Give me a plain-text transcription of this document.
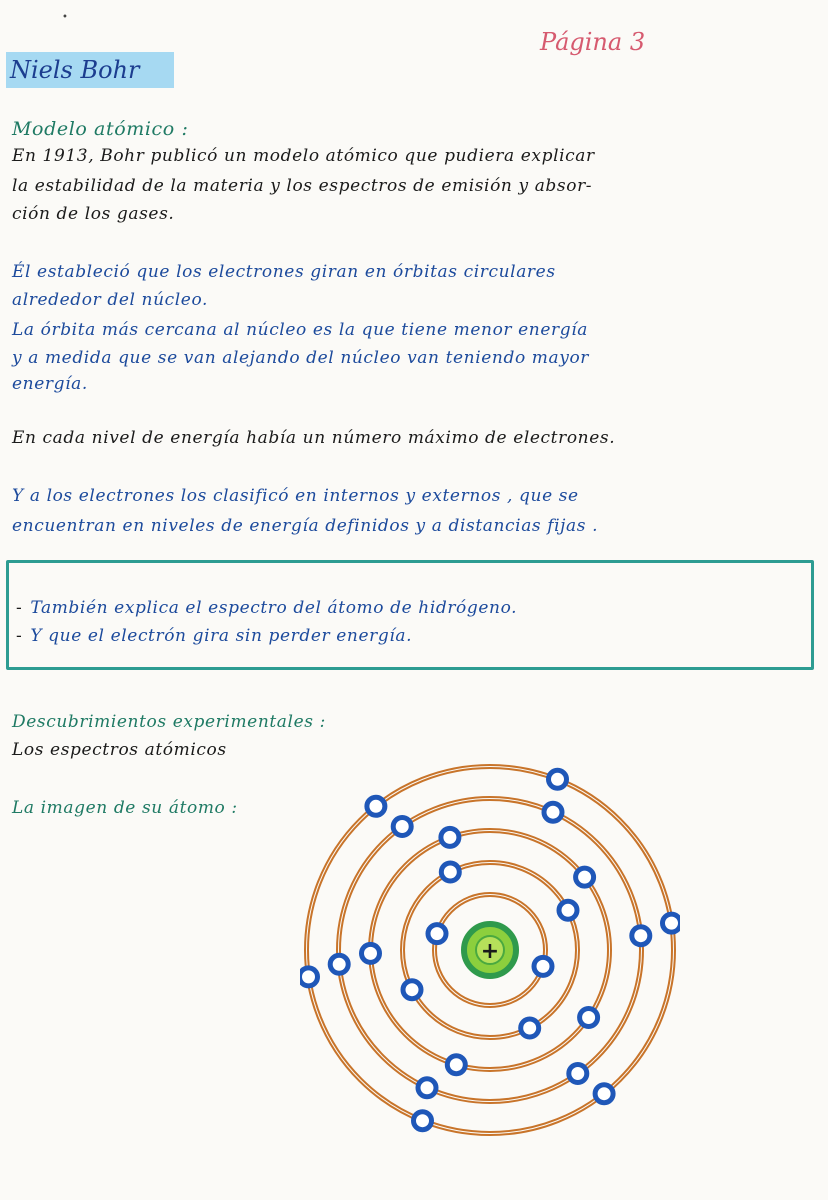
•
Página 3
Niels Bohr
Modelo atómico :
En 1913, Bohr publicó un modelo atómico que pudiera explicar
la estabilidad de la materia y los espectros de emisión y absor-
ción de los gases.
Él estableció que los electrones giran en órbitas circulares
alrededor del núcleo.
La órbita más cercana al núcleo es la que tiene menor energía
y a medida que se van alejando del núcleo van teniendo mayor
energía.
En cada nivel de energía había un número máximo de electrones.
Y a los electrones los clasificó en internos y externos , que se
encuentran en niveles de energía definidos y a distancias fijas .
- También explica el espectro del átomo de hidrógeno.
- Y que el electrón gira sin perder energía.
Descubrimientos experimentales :
Los espectros atómicos
La imagen de su átomo :
+
